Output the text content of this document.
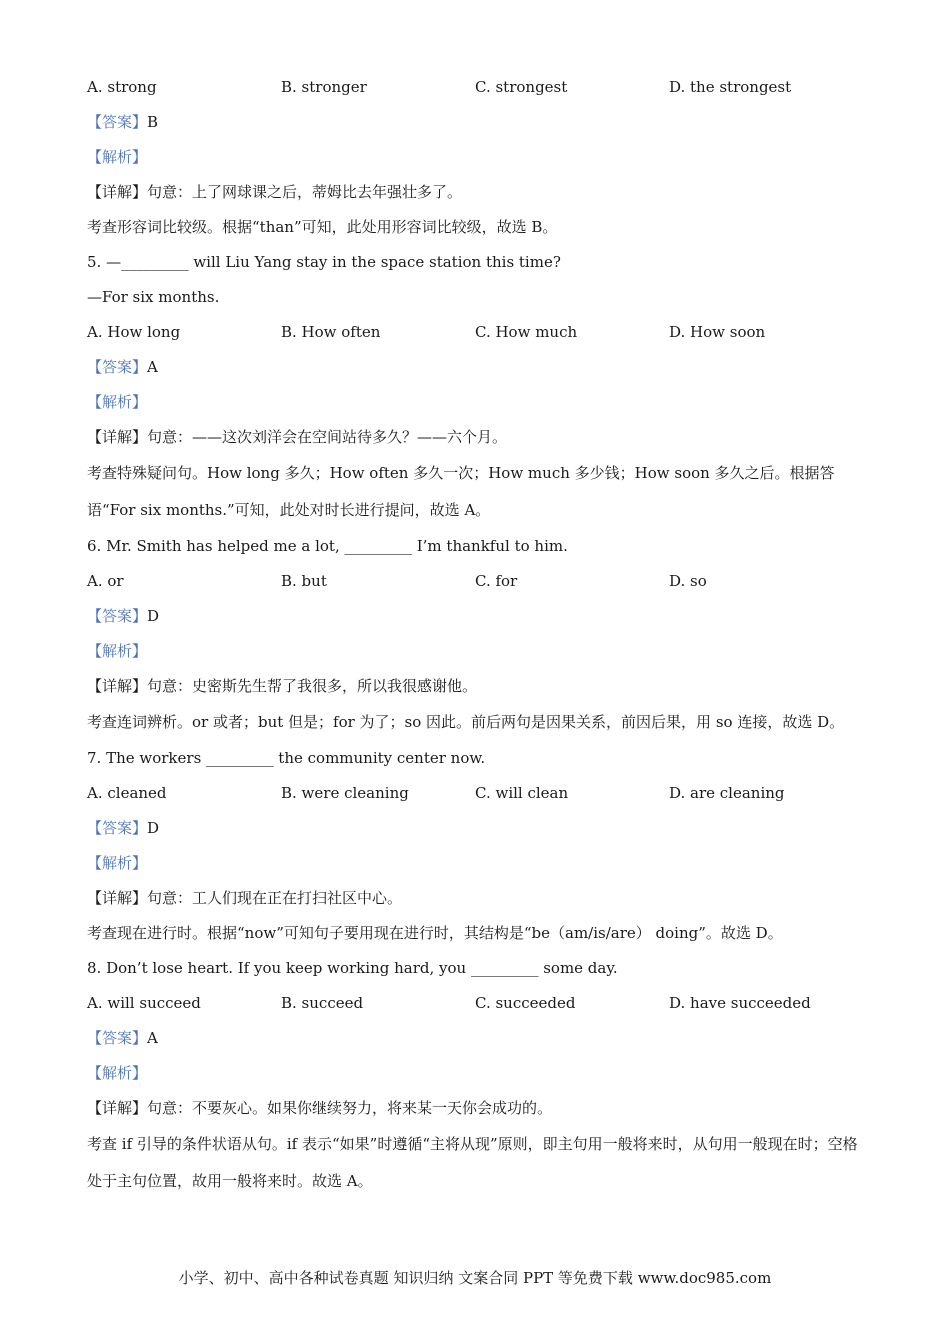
A. strong	B. stronger	C. strongest	D. the strongest
【答案】B
【解析】
【详解】句意：上了网球课之后，蒂姆比去年强壮多了。
考查形容词比较级。根据“than”可知，此处用形容词比较级，故选 B。
5. —_________ will Liu Yang stay in the space station this time?
—For six months.
A. How long	B. How often	C. How much	D. How soon
【答案】A
【解析】
【详解】句意：——这次刘洋会在空间站待多久？——六个月。
考查特殊疑问句。How long 多久；How often 多久一次；How much 多少钱；How soon 多久之后。根据答语“For six months.”可知，此处对时长进行提问，故选 A。
6. Mr. Smith has helped me a lot, _________ I’m thankful to him.
A. or	B. but	C. for	D. so
【答案】D
【解析】
【详解】句意：史密斯先生帮了我很多，所以我很感谢他。
考查连词辨析。or 或者；but 但是；for 为了；so 因此。前后两句是因果关系，前因后果，用 so 连接，故选 D。
7. The workers _________ the community center now.
A. cleaned	B. were cleaning	C. will clean	D. are cleaning
【答案】D
【解析】
【详解】句意：工人们现在正在打扫社区中心。
考查现在进行时。根据“now”可知句子要用现在进行时，其结构是“be（am/is/are） doing”。故选 D。
8. Don’t lose heart. If you keep working hard, you _________ some day.
A. will succeed	B. succeed	C. succeeded	D. have succeeded
【答案】A
【解析】
【详解】句意：不要灰心。如果你继续努力，将来某一天你会成功的。
考查 if 引导的条件状语从句。if 表示“如果”时遵循“主将从现”原则，即主句用一般将来时，从句用一般现在时；空格处于主句位置，故用一般将来时。故选 A。
小学、初中、高中各种试卷真题 知识归纳 文案合同 PPT 等免费下载 www.doc985.com
